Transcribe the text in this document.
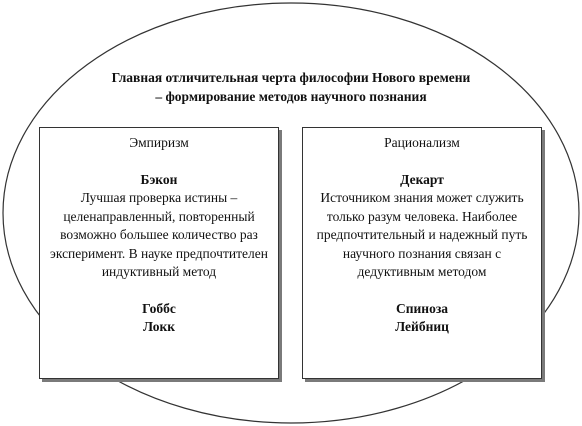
Главная отличительная черта философии Нового времени
– формирование методов научного познания
Эмпиризм
Бэкон
Лучшая проверка истины – целенаправленный, повторенный возможно большее количество раз эксперимент. В науке предпочтителен индуктивный метод
Гоббс
Локк
Рационализм
Декарт
Источником знания может служить только разум человека. Наиболее предпочтительный и надежный путь научного познания связан с дедуктивным методом
Спиноза
Лейбниц
